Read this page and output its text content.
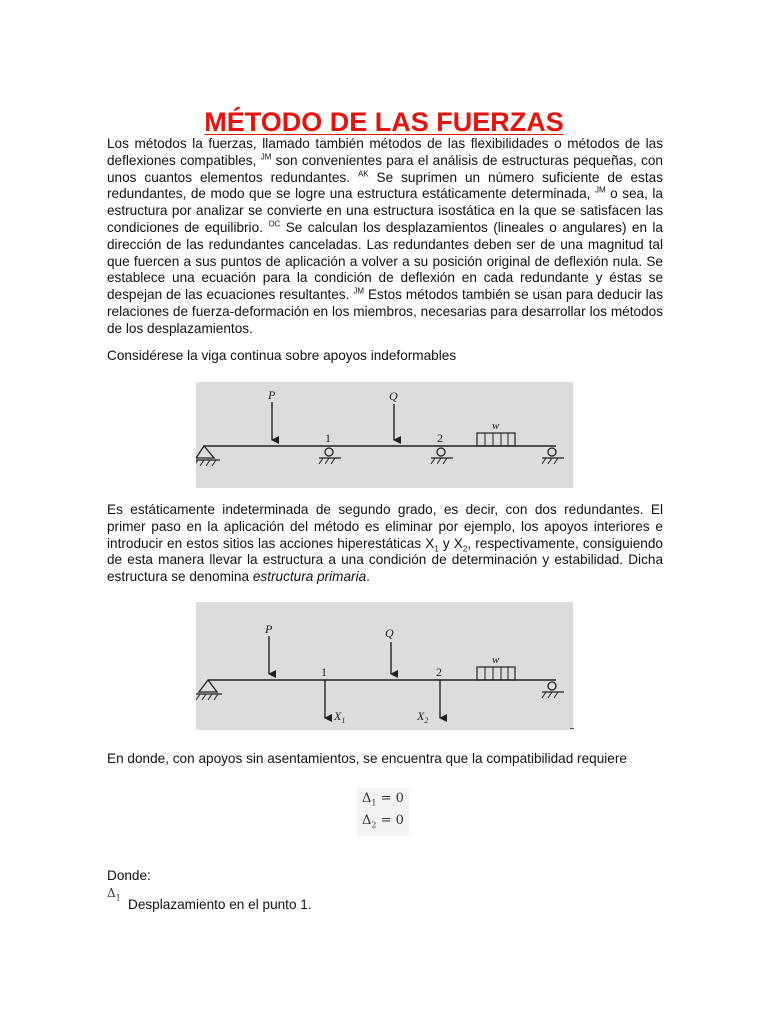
MÉTODO DE LAS FUERZAS

Los métodos la fuerzas, llamado también métodos de las flexibilidades o métodos de las deflexiones compatibles, $^{JM}$ son convenientes para el análisis de estructuras pequeñas, con unos cuantos elementos redundantes. $^{AK}$ Se suprimen un número suficiente de estas redundantes, de modo que se logre una estructura estáticamente determinada, $^{JM}$ o sea, la estructura por analizar se convierte en una estructura isostática en la que se satisfacen las condiciones de equilibrio. $^{OC}$ Se calculan los desplazamientos (lineales o angulares) en la dirección de las redundantes canceladas. Las redundantes deben ser de una magnitud tal que fuercen a sus puntos de aplicación a volver a su posición original de deflexión nula. Se establece una ecuación para la condición de deflexión en cada redundante y éstas se despejan de las ecuaciones resultantes. $^{JM}$ Estos métodos también se usan para deducir las relaciones de fuerza-deformación en los miembros, necesarias para desarrollar los métodos de los desplazamientos.

Considérese la viga continua sobre apoyos indeformables

P
1
Q
2
w

Es estáticamente indeterminada de segundo grado, es decir, con dos redundantes. El primer paso en la aplicación del método es eliminar por ejemplo, los apoyos interiores e introducir en estos sitios las acciones hiperestáticas $X_1$ y $X_2$, respectivamente, consiguiendo de esta manera llevar la estructura a una condición de determinación y estabilidad. Dicha estructura se denomina estructura primaria.

P
1
$X_1$
Q
2
$X_2$
w

En donde, con apoyos sin asentamientos, se encuentra que la compatibilidad requiere

$\Delta_1 = 0$
$\Delta_2 = 0$

Donde:

$\Delta_1$ Desplazamiento en el punto 1.
